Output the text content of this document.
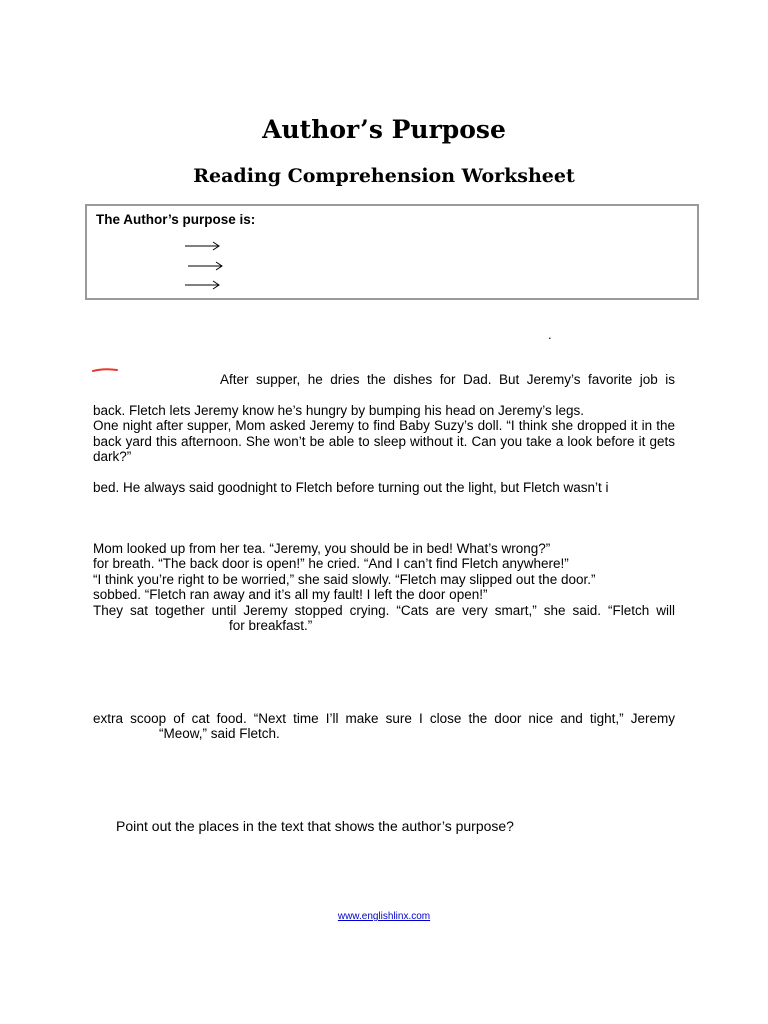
Author’s Purpose
Reading Comprehension Worksheet
The Author’s purpose is:
.
After supper, he dries the dishes for Dad. But Jeremy’s favorite job is
back. Fletch lets Jeremy know he’s hungry by bumping his head on Jeremy’s legs.
One night after supper, Mom asked Jeremy to find Baby Suzy’s doll. “I think she dropped it in the back yard this afternoon. She won’t be able to sleep without it. Can you take a look before it gets dark?”
bed. He always said goodnight to Fletch before turning out the light, but Fletch wasn’t i
Mom looked up from her tea. “Jeremy, you should be in bed! What’s wrong?”
for breath. “The back door is open!” he cried. “And I can’t find Fletch anywhere!”
“I think you’re right to be worried,” she said slowly. “Fletch may slipped out the door.”
sobbed. “Fletch ran away and it’s all my fault! I left the door open!”
They sat together until Jeremy stopped crying. “Cats are very smart,” she said. “Fletch will
for breakfast.”
extra scoop of cat food. “Next time I’ll make sure I close the door nice and tight,” Jeremy
“Meow,” said Fletch.
Point out the places in the text that shows the author’s purpose?
www.englishlinx.com
